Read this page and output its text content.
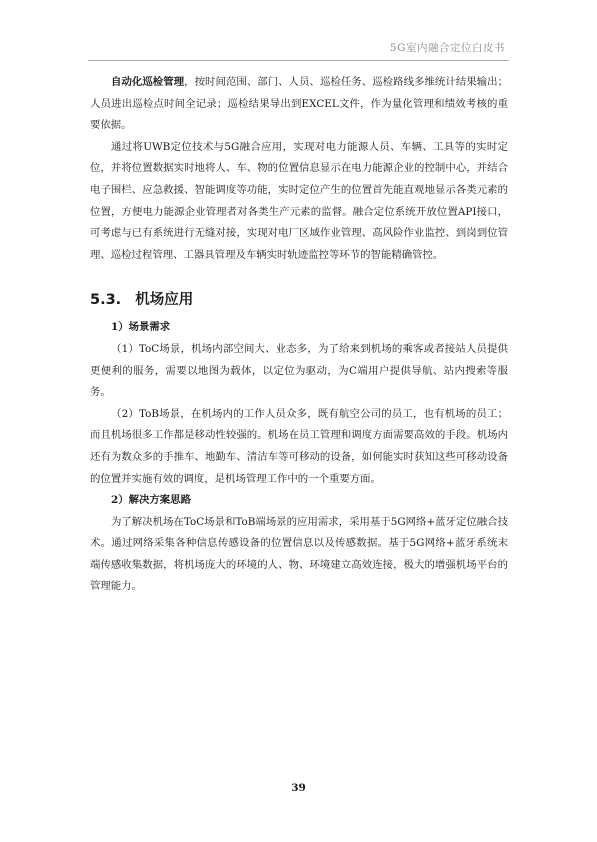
5G室内融合定位白皮书

自动化巡检管理，按时间范围、部门、人员、巡检任务、巡检路线多维统计结果输出；人员进出巡检点时间全记录；巡检结果导出到EXCEL文件，作为量化管理和绩效考核的重要依据。

通过将UWB定位技术与5G融合应用，实现对电力能源人员、车辆、工具等的实时定位，并将位置数据实时地将人、车、物的位置信息显示在电力能源企业的控制中心，并结合电子围栏、应急救援、智能调度等功能，实时定位产生的位置首先能直观地显示各类元素的位置，方便电力能源企业管理者对各类生产元素的监督。融合定位系统开放位置API接口，可考虑与已有系统进行无缝对接，实现对电厂区域作业管理、高风险作业监控、到岗到位管理、巡检过程管理、工器具管理及车辆实时轨迹监控等环节的智能精确管控。

5.3. 机场应用

1）场景需求

（1）ToC场景，机场内部空间大、业态多，为了给来到机场的乘客或者接站人员提供更便利的服务，需要以地图为载体，以定位为驱动，为C端用户提供导航、站内搜索等服务。

（2）ToB场景，在机场内的工作人员众多，既有航空公司的员工，也有机场的员工；而且机场很多工作都是移动性较强的。机场在员工管理和调度方面需要高效的手段。机场内还有为数众多的手推车、地勤车、清洁车等可移动的设备，如何能实时获知这些可移动设备的位置并实施有效的调度，是机场管理工作中的一个重要方面。

2）解决方案思路

为了解决机场在ToC场景和ToB端场景的应用需求，采用基于5G网络+蓝牙定位融合技术。通过网络采集各种信息传感设备的位置信息以及传感数据。基于5G网络+蓝牙系统末端传感收集数据，将机场庞大的环境的人、物、环境建立高效连接，极大的增强机场平台的管理能力。

39
